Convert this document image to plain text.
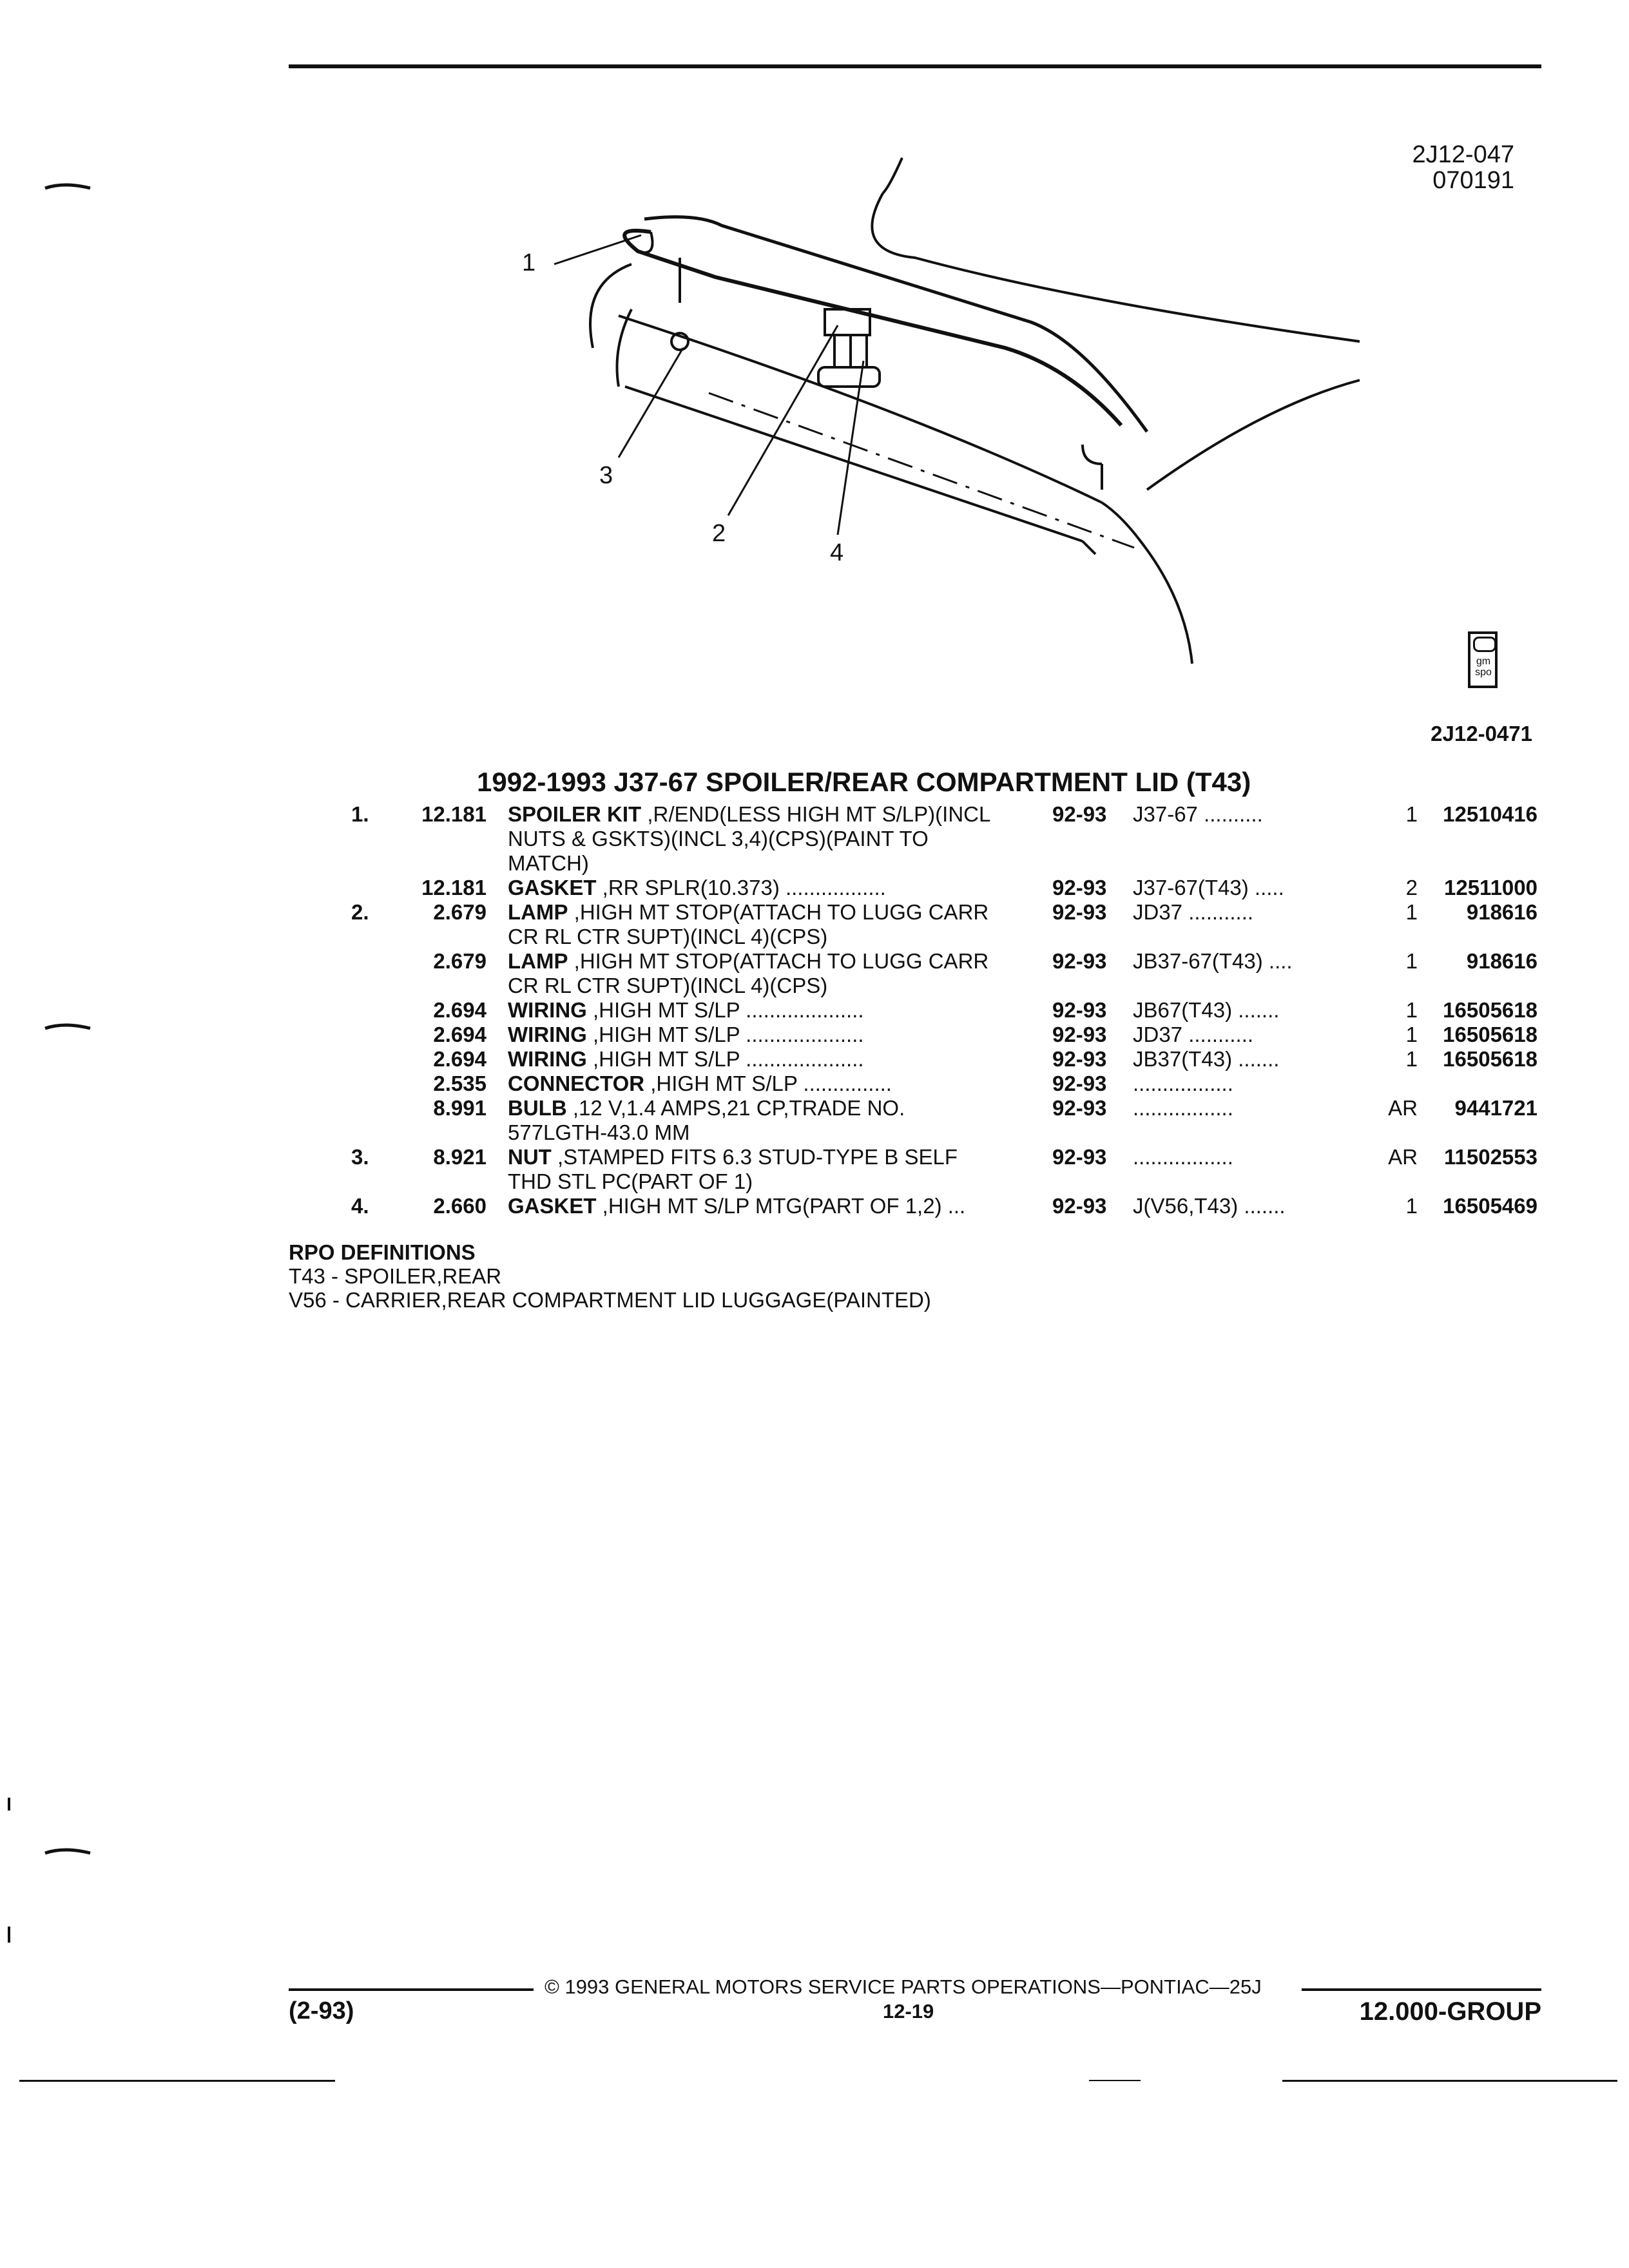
2J12-047
070191
1
3
2
4
gm spo
2J12-0471
1992-1993 J37-67 SPOILER/REAR COMPARTMENT LID (T43)
1.	12.181 SPOILER KIT ,R/END(LESS HIGH MT S/LP)(INCL	92-93 J37-67 ..........	1	12510416
NUTS & GSKTS)(INCL 3,4)(CPS)(PAINT TO
MATCH)
12.181 GASKET ,RR SPLR(10.373) .................	92-93 J37-67(T43) .....	2	12511000
2.	2.679 LAMP ,HIGH MT STOP(ATTACH TO LUGG CARR	92-93 JD37 ...........	1	918616
CR RL CTR SUPT)(INCL 4)(CPS)
2.679 LAMP ,HIGH MT STOP(ATTACH TO LUGG CARR	92-93 JB37-67(T43) ....	1	918616
CR RL CTR SUPT)(INCL 4)(CPS)
2.694 WIRING ,HIGH MT S/LP ....................	92-93 JB67(T43) .......	1	16505618
2.694 WIRING ,HIGH MT S/LP ....................	92-93 JD37 ...........	1	16505618
2.694 WIRING ,HIGH MT S/LP ....................	92-93 JB37(T43) .......	1	16505618
2.535 CONNECTOR ,HIGH MT S/LP ...............	92-93 .................
8.991 BULB ,12 V,1.4 AMPS,21 CP,TRADE NO.	92-93 .................	AR	9441721
577LGTH-43.0 MM
3.	8.921 NUT ,STAMPED FITS 6.3 STUD-TYPE B SELF	92-93 .................	AR	11502553
THD STL PC(PART OF 1)
4.	2.660 GASKET ,HIGH MT S/LP MTG(PART OF 1,2) ...	92-93 J(V56,T43) .......	1	16505469
RPO DEFINITIONS
T43 - SPOILER,REAR
V56 - CARRIER,REAR COMPARTMENT LID LUGGAGE(PAINTED)
© 1993 GENERAL MOTORS SERVICE PARTS OPERATIONS—PONTIAC—25J
(2-93)	12-19	12.000-GROUP
